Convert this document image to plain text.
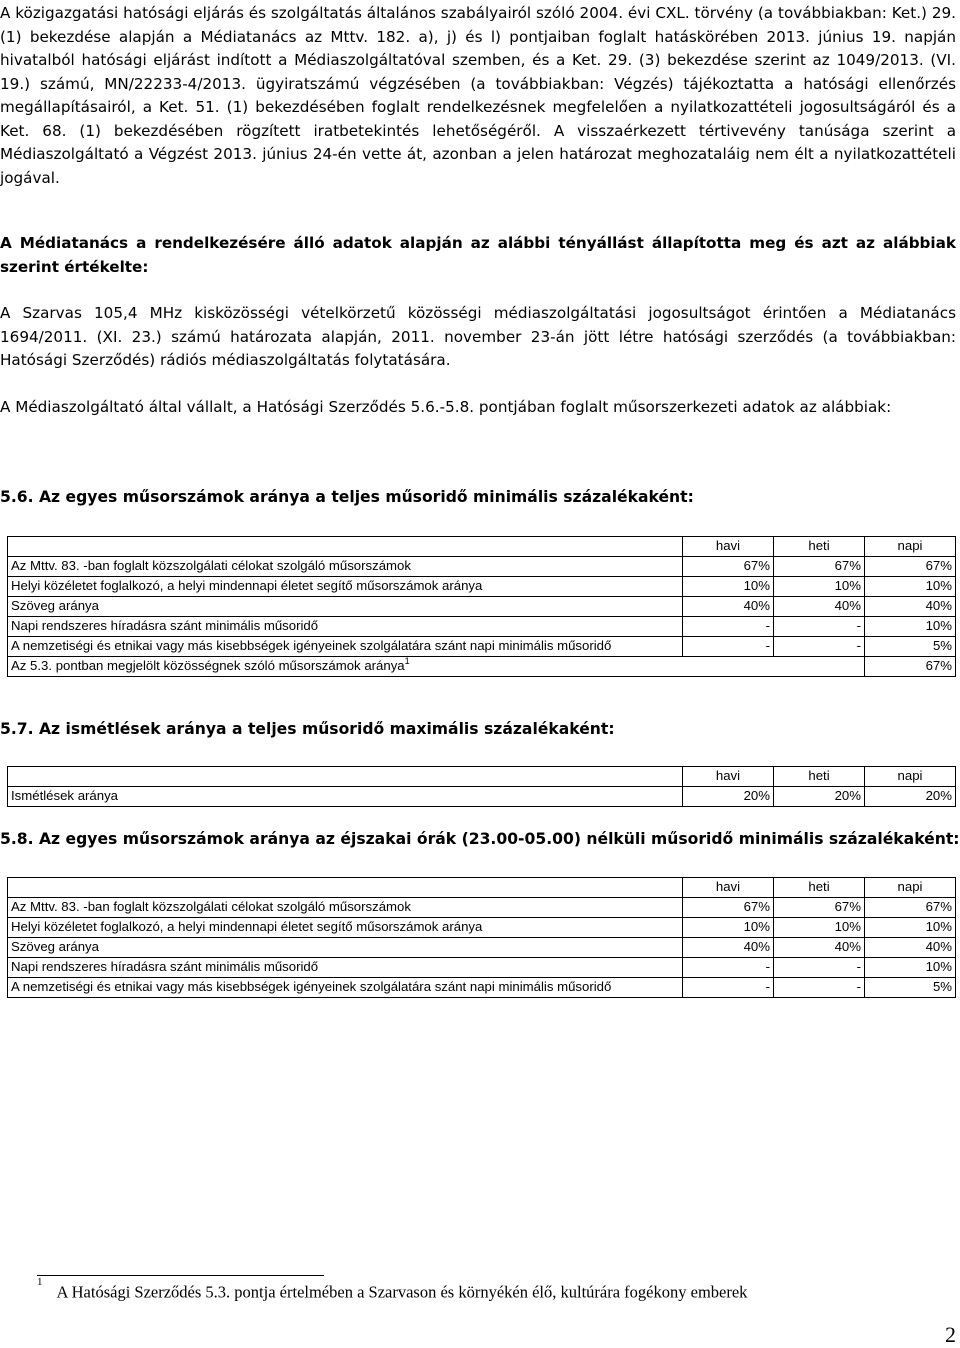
A közigazgatási hatósági eljárás és szolgáltatás általános szabályairól szóló 2004. évi CXL. törvény (a továbbiakban: Ket.) 29. (1) bekezdése alapján a Médiatanács az Mttv. 182. a), j) és l) pontjaiban foglalt hatáskörében 2013. június 19. napján hivatalból hatósági eljárást indított a Médiaszolgáltatóval szemben, és a Ket. 29. (3) bekezdése szerint az 1049/2013. (VI. 19.) számú, MN/22233-4/2013. ügyiratszámú végzésében (a továbbiakban: Végzés) tájékoztatta a hatósági ellenőrzés megállapításairól, a Ket. 51. (1) bekezdésében foglalt rendelkezésnek megfelelően a nyilatkozattételi jogosultságáról és a Ket. 68. (1) bekezdésében rögzített iratbetekintés lehetőségéről. A visszaérkezett tértivevény tanúsága szerint a Médiaszolgáltató a Végzést 2013. június 24-én vette át, azonban a jelen határozat meghozataláig nem élt a nyilatkozattételi jogával.

A Médiatanács a rendelkezésére álló adatok alapján az alábbi tényállást állapította meg és azt az alábbiak szerint értékelte:

A Szarvas 105,4 MHz kisközösségi vételkörzetű közösségi médiaszolgáltatási jogosultságot érintően a Médiatanács 1694/2011. (XI. 23.) számú határozata alapján, 2011. november 23-án jött létre hatósági szerződés (a továbbiakban: Hatósági Szerződés) rádiós médiaszolgáltatás folytatására.

A Médiaszolgáltató által vállalt, a Hatósági Szerződés 5.6.-5.8. pontjában foglalt műsorszerkezeti adatok az alábbiak:

5.6. Az egyes műsorszámok aránya a teljes műsoridő minimális százalékaként:
	havi	heti	napi
Az Mttv. 83. -ban foglalt közszolgálati célokat szolgáló műsorszámok	67%	67%	67%
Helyi közéletet foglalkozó, a helyi mindennapi életet segítő műsorszámok aránya	10%	10%	10%
Szöveg aránya	40%	40%	40%
Napi rendszeres híradásra szánt minimális műsoridő	-	-	10%
A nemzetiségi és etnikai vagy más kisebbségek igényeinek szolgálatára szánt napi minimális műsoridő	-	-	5%
Az 5.3. pontban megjelölt közösségnek szóló műsorszámok aránya$^1$			67%
5.7. Az ismétlések aránya a teljes műsoridő maximális százalékaként:
	havi	heti	napi
Ismétlések aránya	20%	20%	20%
5.8. Az egyes műsorszámok aránya az éjszakai órák (23.00-05.00) nélküli műsoridő minimális százalékaként:
	havi	heti	napi
Az Mttv. 83. -ban foglalt közszolgálati célokat szolgáló műsorszámok	67%	67%	67%
Helyi közéletet foglalkozó, a helyi mindennapi életet segítő műsorszámok aránya	10%	10%	10%
Szöveg aránya	40%	40%	40%
Napi rendszeres híradásra szánt minimális műsoridő	-	-	10%
A nemzetiségi és etnikai vagy más kisebbségek igényeinek szolgálatára szánt napi minimális műsoridő	-	-	5%
$^1$A Hatósági Szerződés 5.3. pontja értelmében a Szarvason és környékén élő, kultúrára fogékony emberek
2
